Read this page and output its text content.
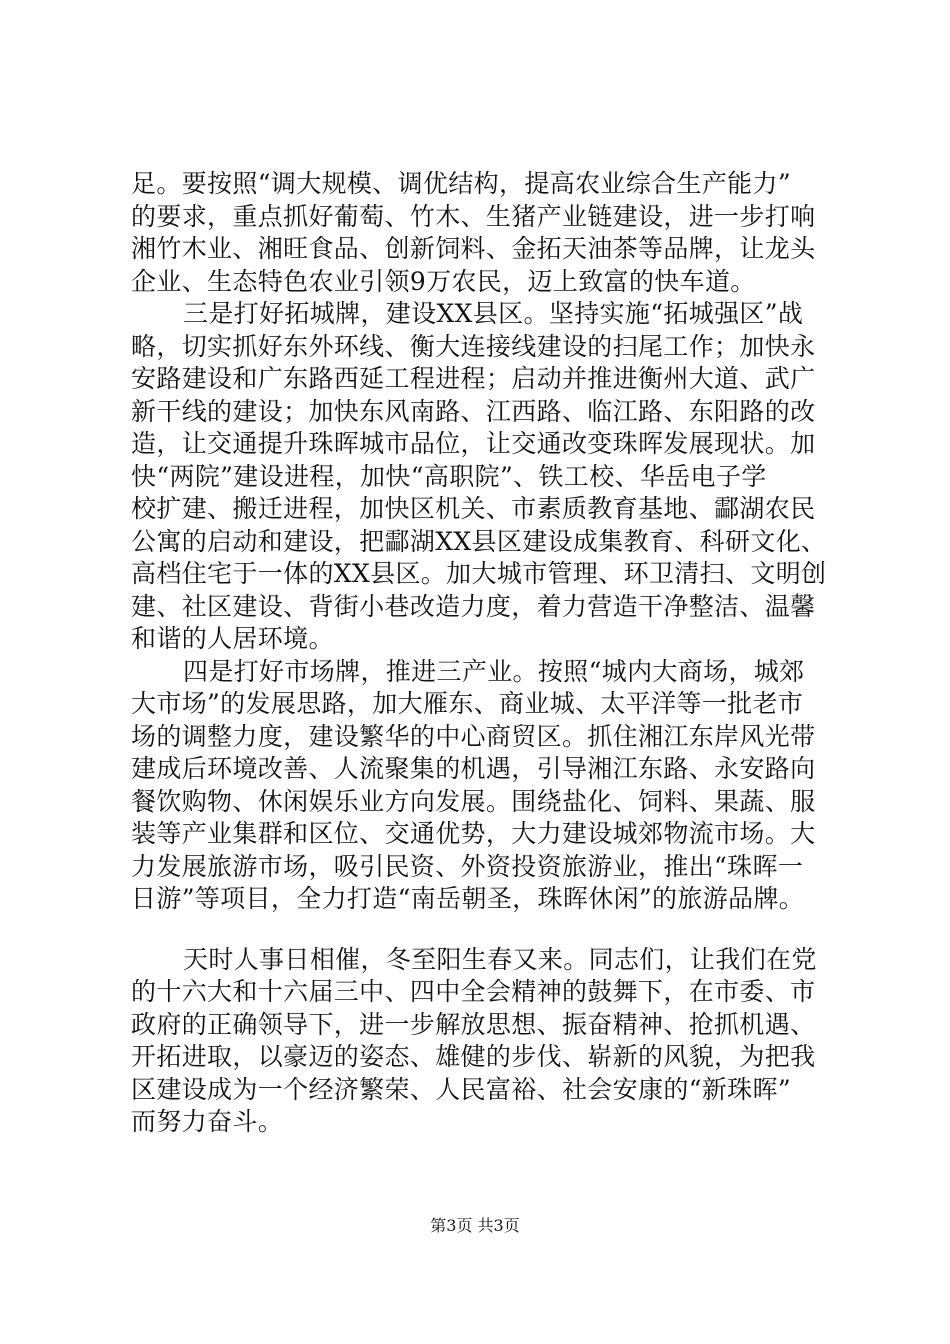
足。要按照“调大规模、调优结构，提高农业综合生产能力”
的要求，重点抓好葡萄、竹木、生猪产业链建设，进一步打响
湘竹木业、湘旺食品、创新饲料、金拓天油茶等品牌，让龙头
企业、生态特色农业引领9万农民，迈上致富的快车道。
三是打好拓城牌，建设XX县区。坚持实施“拓城强区”战
略，切实抓好东外环线、衡大连接线建设的扫尾工作；加快永
安路建设和广东路西延工程进程；启动并推进衡州大道、武广
新干线的建设；加快东风南路、江西路、临江路、东阳路的改
造，让交通提升珠晖城市品位，让交通改变珠晖发展现状。加
快“两院”建设进程，加快“高职院”、铁工校、华岳电子学
校扩建、搬迁进程，加快区机关、市素质教育基地、酃湖农民
公寓的启动和建设，把酃湖XX县区建设成集教育、科研文化、
高档住宅于一体的XX县区。加大城市管理、环卫清扫、文明创
建、社区建设、背街小巷改造力度，着力营造干净整洁、温馨
和谐的人居环境。
四是打好市场牌，推进三产业。按照“城内大商场，城郊
大市场”的发展思路，加大雁东、商业城、太平洋等一批老市
场的调整力度，建设繁华的中心商贸区。抓住湘江东岸风光带
建成后环境改善、人流聚集的机遇，引导湘江东路、永安路向
餐饮购物、休闲娱乐业方向发展。围绕盐化、饲料、果蔬、服
装等产业集群和区位、交通优势，大力建设城郊物流市场。大
力发展旅游市场，吸引民资、外资投资旅游业，推出“珠晖一
日游”等项目，全力打造“南岳朝圣，珠晖休闲”的旅游品牌。
天时人事日相催，冬至阳生春又来。同志们，让我们在党
的十六大和十六届三中、四中全会精神的鼓舞下，在市委、市
政府的正确领导下，进一步解放思想、振奋精神、抢抓机遇、
开拓进取，以豪迈的姿态、雄健的步伐、崭新的风貌，为把我
区建设成为一个经济繁荣、人民富裕、社会安康的“新珠晖”
而努力奋斗。
第3页 共3页
